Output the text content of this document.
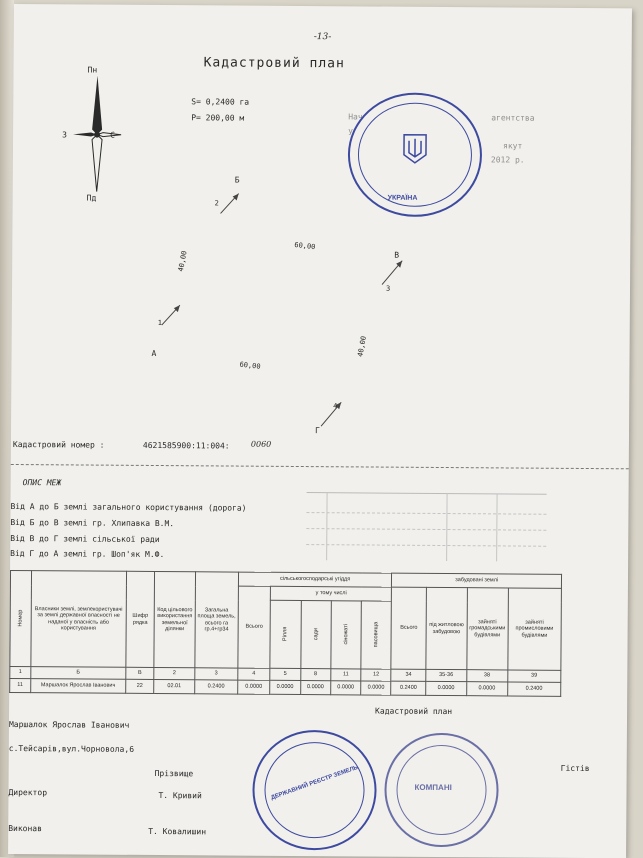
-13-
Кадастровий план
Пн
Пд
З	С
S= 0,2400 га
P= 200,00 м	Нач	агентства
у
якут
2012 р.
УКРАЇНА
А
Б
В
Г
1
2
3
4
40,00
60,00
40,00
60,00
Кадастровий номер :	4621585900:11:004:	0060
ОПИС МЕЖ
Від А до Б землі загального користування (дорога)
Від Б до В землі гр. Хлипавка В.М.
Від В до Г землі сільської ради
Від Г до А землі гр. Шоп'як М.Ф.
Номер	Власники землі, землекористувачі за землі державної власності не наданої у власність або користування	Шифр рядка	Код цільового використання земельної ділянки	Загальна площа земель, всього га гр.4+гр34	сільськогосподарські угіддя					забудовані землі			
					Всього	у тому числі				Всього	під житловою забудовою	зайняті громадськими будівлями	зайняті промисловими будівлями

						Рілля	сади	сіножаті	пасовища				

1	Б	В	2	3	4	5	8	11	12	34	35-36	38	39
11	Маршалок Ярослав Іванович	22	02.01	0.2400	0.0000	0.0000	0.0000	0.0000	0.0000	0.2400	0.0000	0.0000	0.2400
Кадастровий план
Маршалок Ярослав Іванович
с.Тейсарів,вул.Чорновола,6
Прізвище
Директор	Т. Кривий
Виконав	Т. Ковалишин
Гістів
ДЕРЖАВНИЙ РЕЄСТР ЗЕМЕЛЬ	КОМПАНІ
